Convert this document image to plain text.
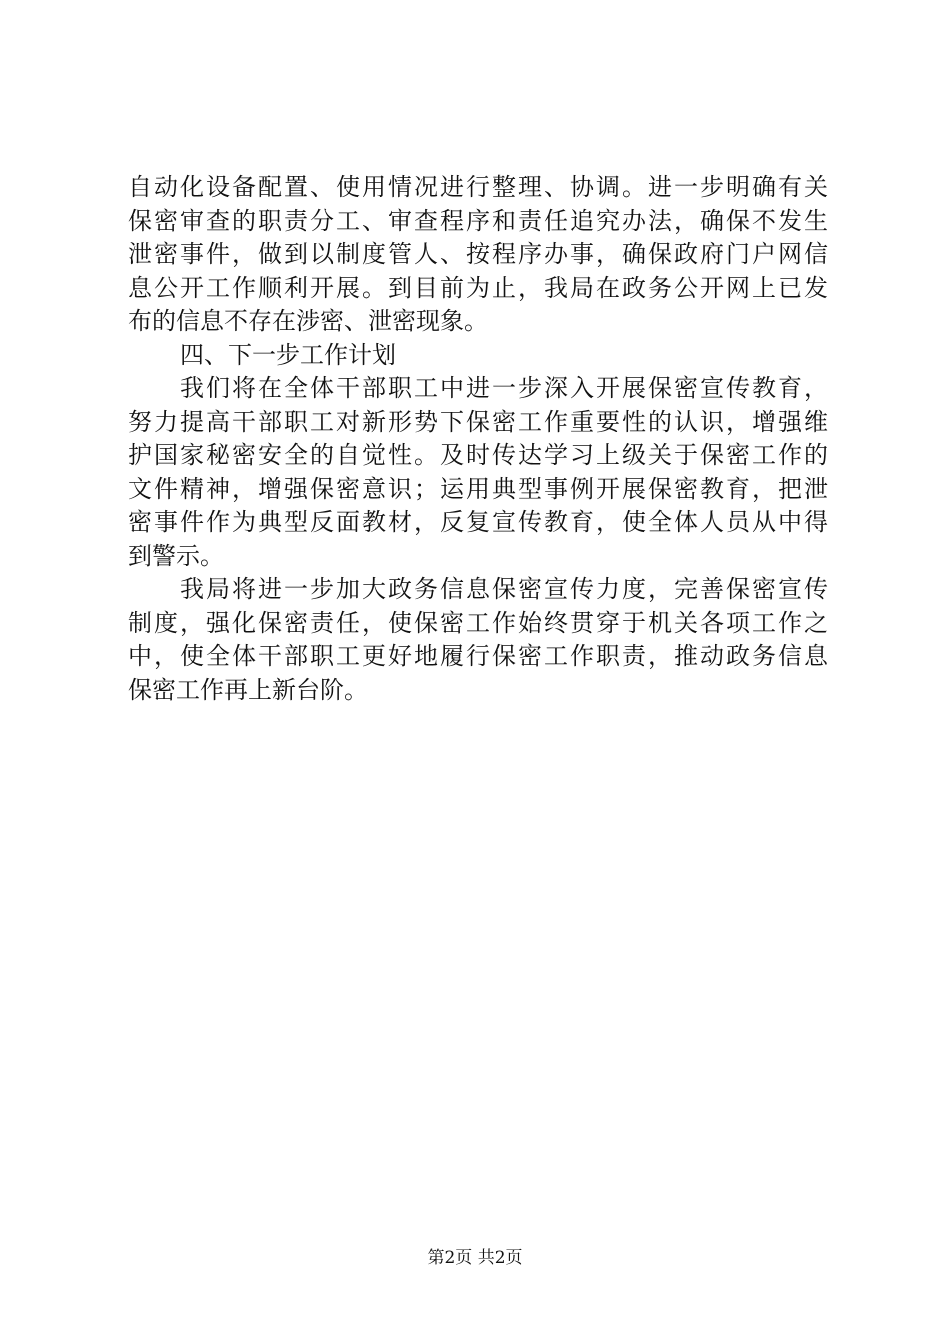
自动化设备配置、使用情况进行整理、协调。进一步明确有关
保密审查的职责分工、审查程序和责任追究办法，确保不发生
泄密事件，做到以制度管人、按程序办事，确保政府门户网信
息公开工作顺利开展。到目前为止，我局在政务公开网上已发
布的信息不存在涉密、泄密现象。
四、下一步工作计划
我们将在全体干部职工中进一步深入开展保密宣传教育，
努力提高干部职工对新形势下保密工作重要性的认识，增强维
护国家秘密安全的自觉性。及时传达学习上级关于保密工作的
文件精神，增强保密意识；运用典型事例开展保密教育，把泄
密事件作为典型反面教材，反复宣传教育，使全体人员从中得
到警示。
我局将进一步加大政务信息保密宣传力度，完善保密宣传
制度，强化保密责任，使保密工作始终贯穿于机关各项工作之
中，使全体干部职工更好地履行保密工作职责，推动政务信息
保密工作再上新台阶。
第2页 共2页
